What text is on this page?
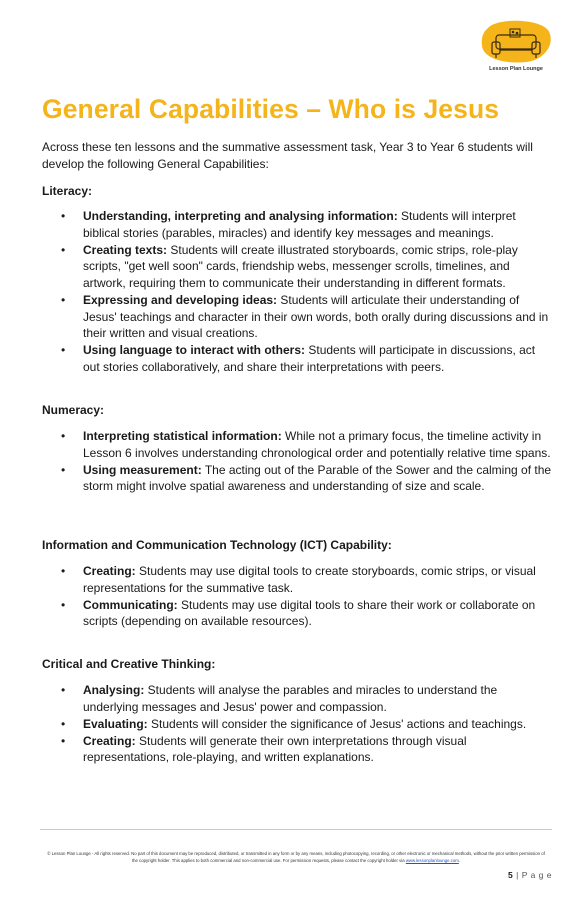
Lesson Plan Lounge
General Capabilities – Who is Jesus

Across these ten lessons and the summative assessment task, Year 3 to Year 6 students will develop the following General Capabilities:

Literacy:

• Understanding, interpreting and analysing information: Students will interpret biblical stories (parables, miracles) and identify key messages and meanings.
• Creating texts: Students will create illustrated storyboards, comic strips, role-play scripts, "get well soon" cards, friendship webs, messenger scrolls, timelines, and artwork, requiring them to communicate their understanding in different formats.
• Expressing and developing ideas: Students will articulate their understanding of Jesus' teachings and character in their own words, both orally during discussions and in their written and visual creations.
• Using language to interact with others: Students will participate in discussions, act out stories collaboratively, and share their interpretations with peers.

Numeracy:

• Interpreting statistical information: While not a primary focus, the timeline activity in Lesson 6 involves understanding chronological order and potentially relative time spans.
• Using measurement: The acting out of the Parable of the Sower and the calming of the storm might involve spatial awareness and understanding of size and scale.

Information and Communication Technology (ICT) Capability:

• Creating: Students may use digital tools to create storyboards, comic strips, or visual representations for the summative task.
• Communicating: Students may use digital tools to share their work or collaborate on scripts (depending on available resources).

Critical and Creative Thinking:

• Analysing: Students will analyse the parables and miracles to understand the underlying messages and Jesus' power and compassion.
• Evaluating: Students will consider the significance of Jesus' actions and teachings.
• Creating: Students will generate their own interpretations through visual representations, role-playing, and written explanations.

© Lesson Plan Lounge - All rights reserved. No part of this document may be reproduced, distributed, or transmitted in any form or by any means, including photocopying, recording, or other electronic or mechanical methods, without the prior written permission of the copyright holder. This applies to both commercial and non-commercial use. For permission requests, please contact the copyright holder via www.lessonplanlounge.com.

5 | P a g e
